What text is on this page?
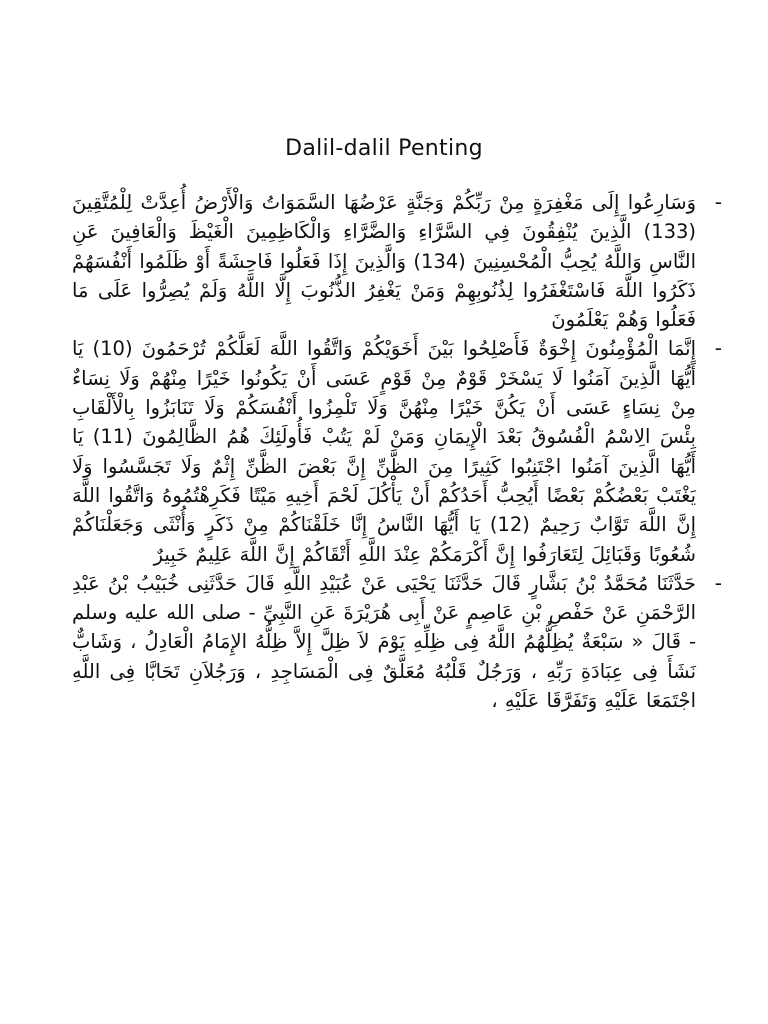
Dalil-dalil Penting
-
وَسَارِعُوا إِلَى مَغْفِرَةٍ مِنْ رَبِّكُمْ وَجَنَّةٍ عَرْضُهَا السَّمَوَاتُ وَالْأَرْضُ أُعِدَّتْ لِلْمُتَّقِينَ (133) الَّذِينَ يُنْفِقُونَ فِي السَّرَّاءِ وَالضَّرَّاءِ وَالْكَاظِمِينَ الْغَيْظَ وَالْعَافِينَ عَنِ النَّاسِ وَاللَّهُ يُحِبُّ الْمُحْسِنِينَ (134) وَالَّذِينَ إِذَا فَعَلُوا فَاحِشَةً أَوْ ظَلَمُوا أَنْفُسَهُمْ ذَكَرُوا اللَّهَ فَاسْتَغْفَرُوا لِذُنُوبِهِمْ وَمَنْ يَغْفِرُ الذُّنُوبَ إِلَّا اللَّهُ وَلَمْ يُصِرُّوا عَلَى مَا فَعَلُوا وَهُمْ يَعْلَمُونَ
-
إِنَّمَا الْمُؤْمِنُونَ إِخْوَةٌ فَأَصْلِحُوا بَيْنَ أَخَوَيْكُمْ وَاتَّقُوا اللَّهَ لَعَلَّكُمْ تُرْحَمُونَ (10) يَا أَيُّهَا الَّذِينَ آمَنُوا لَا يَسْخَرْ قَوْمٌ مِنْ قَوْمٍ عَسَى أَنْ يَكُونُوا خَيْرًا مِنْهُمْ وَلَا نِسَاءٌ مِنْ نِسَاءٍ عَسَى أَنْ يَكُنَّ خَيْرًا مِنْهُنَّ وَلَا تَلْمِزُوا أَنْفُسَكُمْ وَلَا تَنَابَزُوا بِالْأَلْقَابِ بِئْسَ الِاسْمُ الْفُسُوقُ بَعْدَ الْإِيمَانِ وَمَنْ لَمْ يَتُبْ فَأُولَئِكَ هُمُ الظَّالِمُونَ (11) يَا أَيُّهَا الَّذِينَ آمَنُوا اجْتَنِبُوا كَثِيرًا مِنَ الظَّنِّ إِنَّ بَعْضَ الظَّنِّ إِثْمٌ وَلَا تَجَسَّسُوا وَلَا يَغْتَبْ بَعْضُكُمْ بَعْضًا أَيُحِبُّ أَحَدُكُمْ أَنْ يَأْكُلَ لَحْمَ أَخِيهِ مَيْتًا فَكَرِهْتُمُوهُ وَاتَّقُوا اللَّهَ إِنَّ اللَّهَ تَوَّابٌ رَحِيمٌ (12) يَا أَيُّهَا النَّاسُ إِنَّا خَلَقْنَاكُمْ مِنْ ذَكَرٍ وَأُنْثَى وَجَعَلْنَاكُمْ شُعُوبًا وَقَبَائِلَ لِتَعَارَفُوا إِنَّ أَكْرَمَكُمْ عِنْدَ اللَّهِ أَتْقَاكُمْ إِنَّ اللَّهَ عَلِيمٌ خَبِيرٌ
-
حَدَّثَنَا مُحَمَّدُ بْنُ بَشَّارٍ قَالَ حَدَّثَنَا يَحْيَى عَنْ عُبَيْدِ اللَّهِ قَالَ حَدَّثَنِى خُبَيْبُ بْنُ عَبْدِ الرَّحْمَنِ عَنْ حَفْصِ بْنِ عَاصِمٍ عَنْ أَبِى هُرَيْرَةَ عَنِ النَّبِىِّ - صلى الله عليه وسلم - قَالَ « سَبْعَةٌ يُظِلُّهُمُ اللَّهُ فِى ظِلِّهِ يَوْمَ لاَ ظِلَّ إِلاَّ ظِلُّهُ الإِمَامُ الْعَادِلُ ، وَشَابٌّ نَشَأَ فِى عِبَادَةِ رَبِّهِ ، وَرَجُلٌ قَلْبُهُ مُعَلَّقٌ فِى الْمَسَاجِدِ ، وَرَجُلاَنِ تَحَابَّا فِى اللَّهِ اجْتَمَعَا عَلَيْهِ وَتَفَرَّقَا عَلَيْهِ ،
